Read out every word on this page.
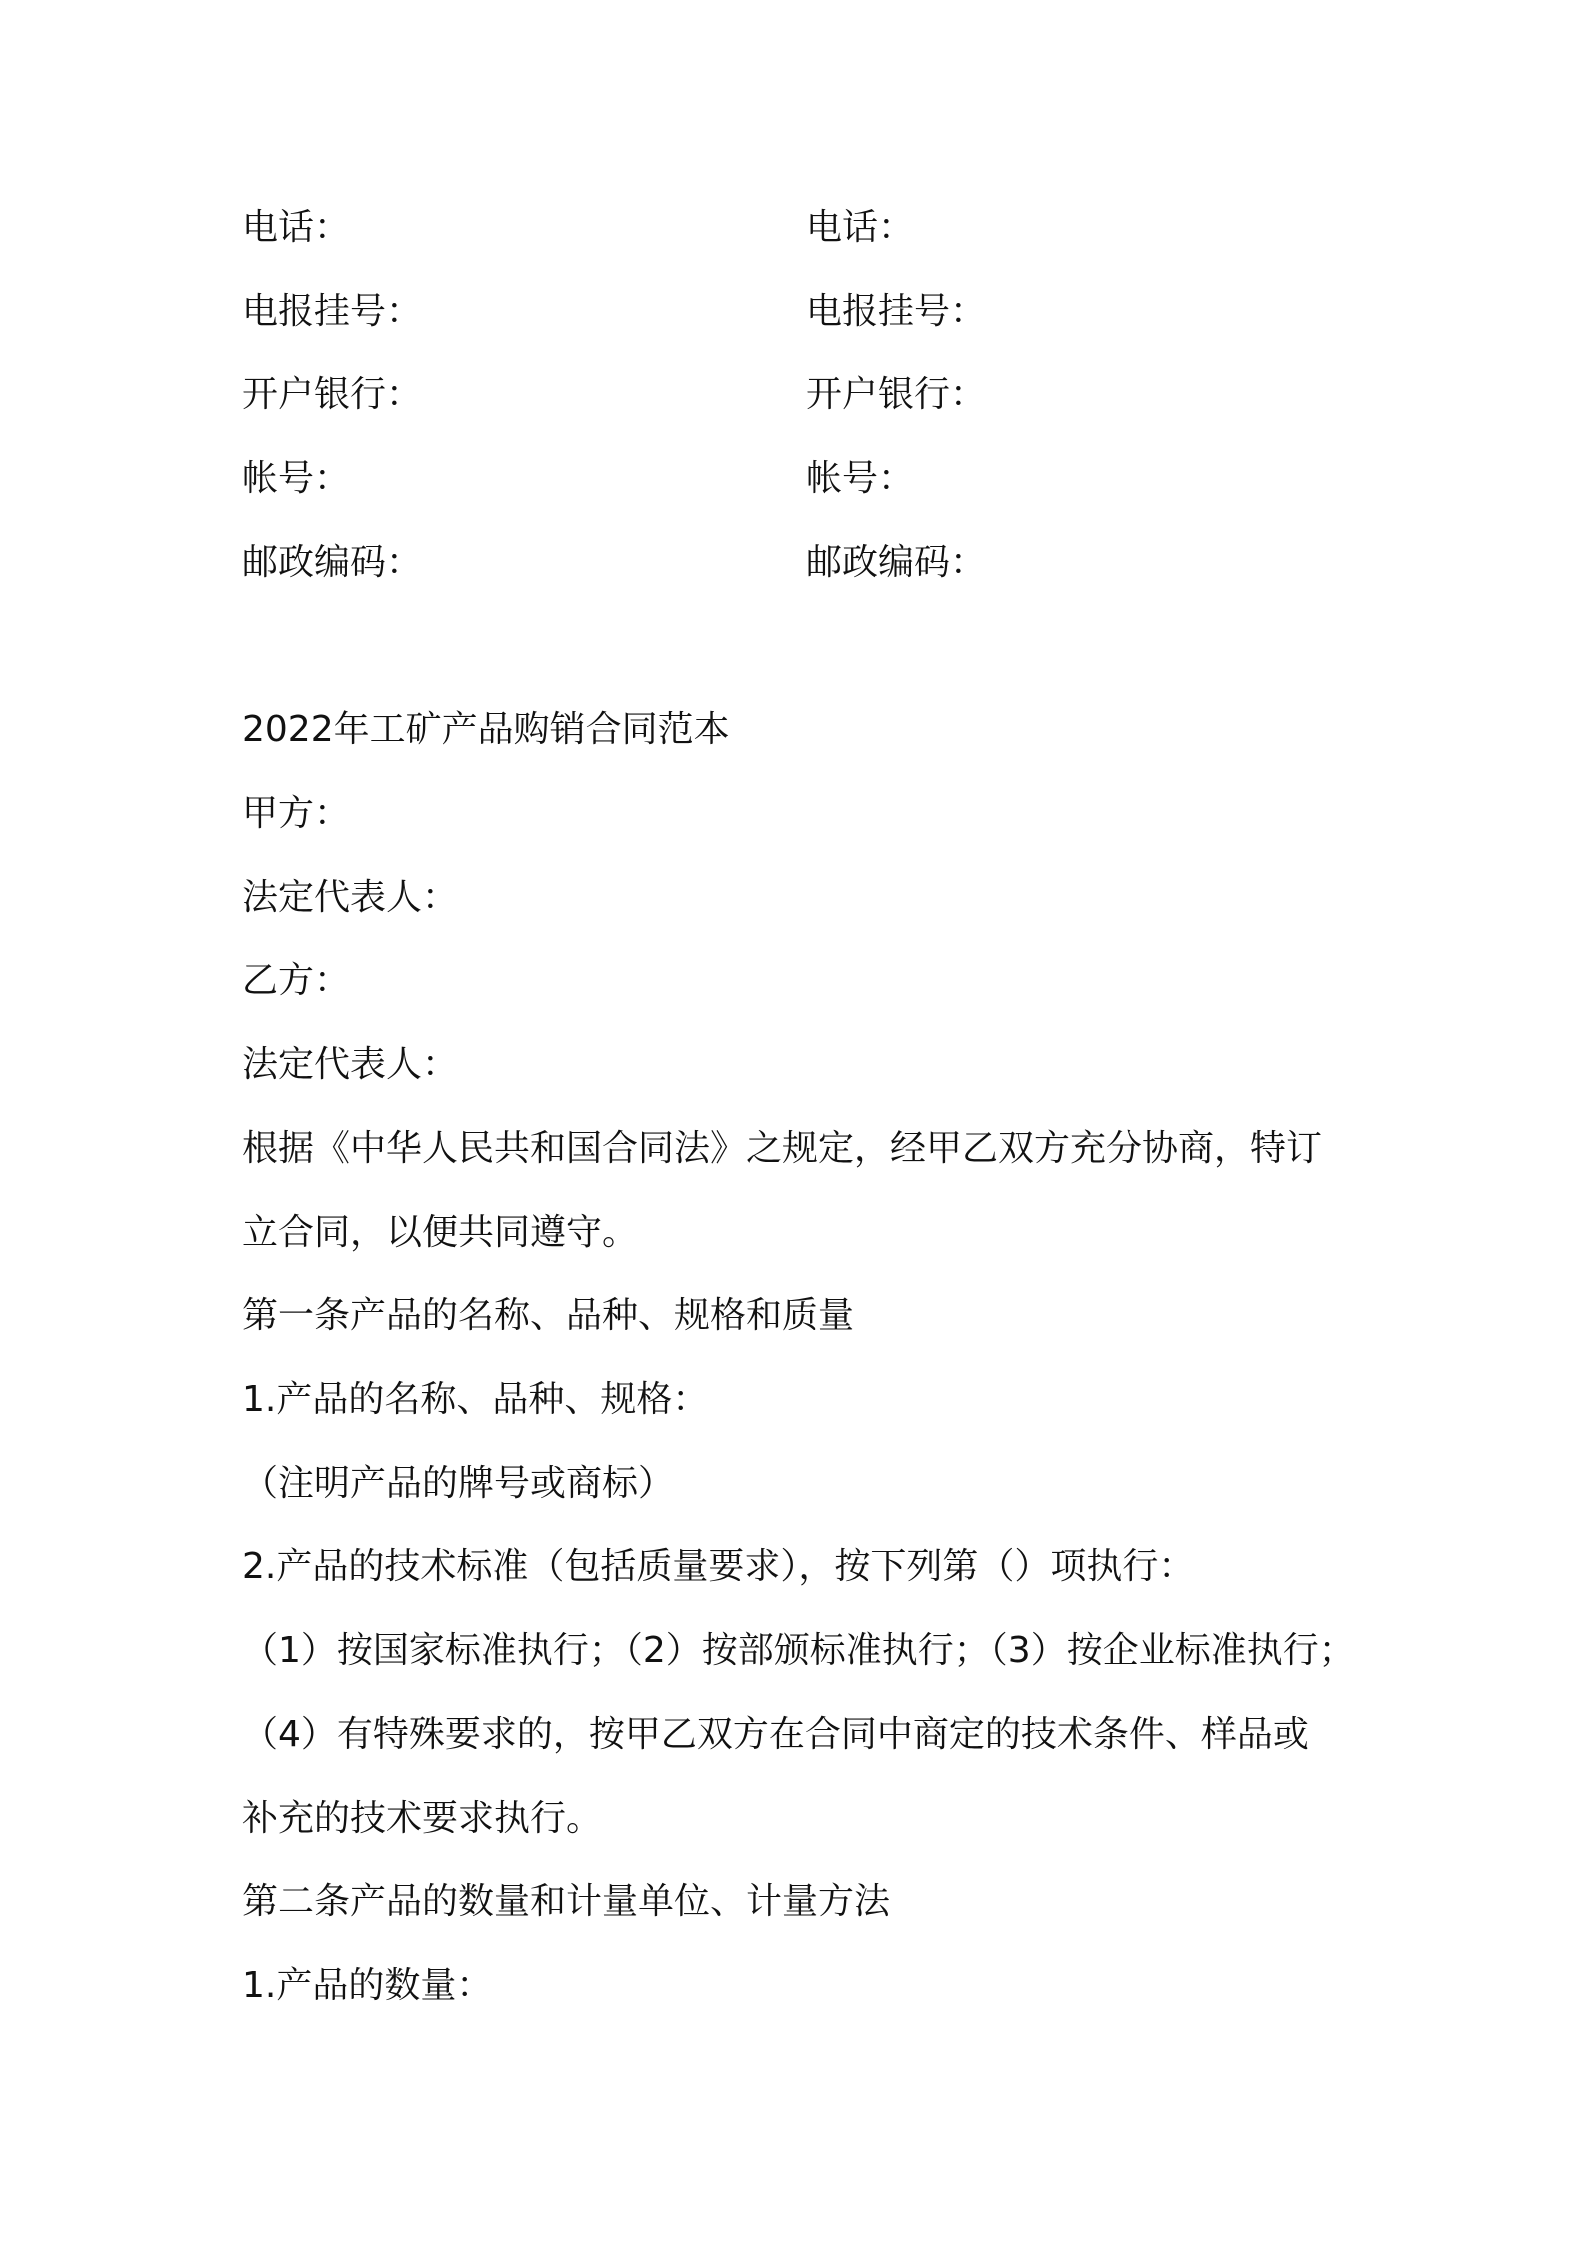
电话：	电话：
电报挂号：	电报挂号：
开户银行：	开户银行：
帐号：	帐号：
邮政编码：	邮政编码：
2022年工矿产品购销合同范本
甲方：
法定代表人：
乙方：
法定代表人：
根据《中华人民共和国合同法》之规定，经甲乙双方充分协商，特订
立合同，以便共同遵守。
第一条产品的名称、品种、规格和质量
1.产品的名称、品种、规格：
（注明产品的牌号或商标）
2.产品的技术标准（包括质量要求），按下列第（）项执行：
（1）按国家标准执行；（2）按部颁标准执行；（3）按企业标准执行；
（4）有特殊要求的，按甲乙双方在合同中商定的技术条件、样品或
补充的技术要求执行。
第二条产品的数量和计量单位、计量方法
1.产品的数量：
